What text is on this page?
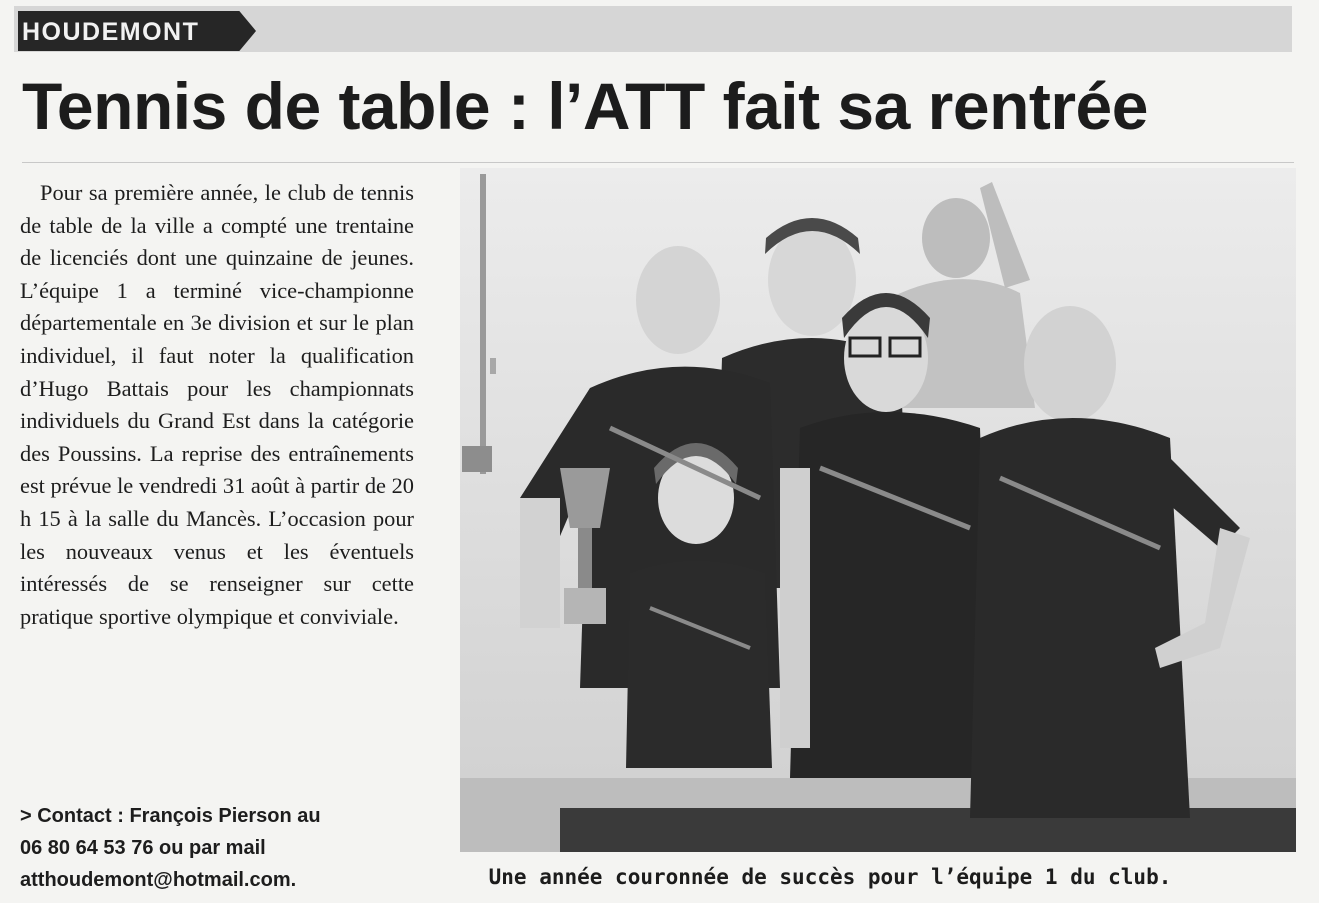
HOUDEMONT
Tennis de table : l’ATT fait sa rentrée

Pour sa première année, le club de tennis de table de la ville a compté une trentaine de licenciés dont une quinzaine de jeunes. L’équipe 1 a terminé vice-championne départementale en 3e division et sur le plan individuel, il faut noter la qualification d’Hugo Battais pour les championnats individuels du Grand Est dans la catégorie des Poussins. La reprise des entraînements est prévue le vendredi 31 août à partir de 20 h 15 à la salle du Mancès. L’occasion pour les nouveaux venus et les éventuels intéressés de se renseigner sur cette pratique sportive olympique et conviviale.

> Contact : François Pierson au
06 80 64 53 76 ou par mail
atthoudemont@hotmail.com.	Une année couronnée de succès pour l’équipe 1 du club.
